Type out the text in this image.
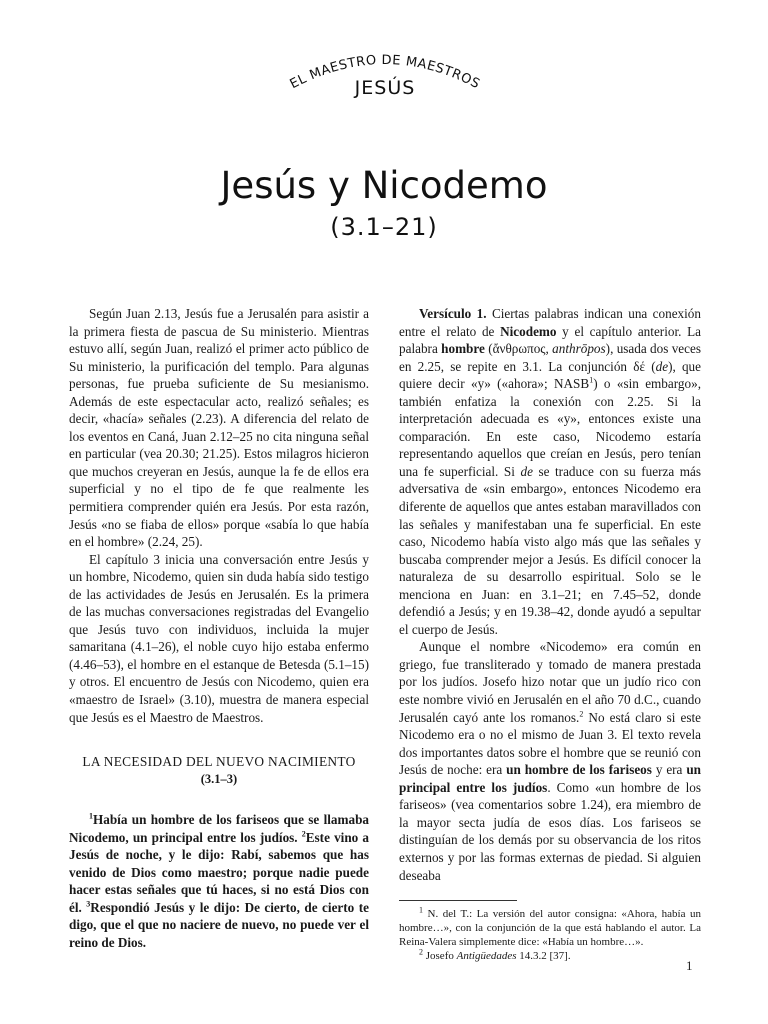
EL MAESTRO DE MAESTROS
JESÚS
Jesús y Nicodemo
(3.1–21)

Según Juan 2.13, Jesús fue a Jerusalén para asistir a la primera fiesta de pascua de Su ministerio. Mientras estuvo allí, según Juan, realizó el primer acto público de Su ministerio, la purificación del templo. Para algunas personas, fue prueba suficiente de Su mesianismo. Además de este espectacular acto, realizó señales; es decir, «hacía» señales (2.23). A diferencia del relato de los eventos en Caná, Juan 2.12–25 no cita ninguna señal en particular (vea 20.30; 21.25). Estos milagros hicieron que muchos creyeran en Jesús, aunque la fe de ellos era superficial y no el tipo de fe que realmente les permitiera comprender quién era Jesús. Por esta razón, Jesús «no se fiaba de ellos» porque «sabía lo que había en el hombre» (2.24, 25).

El capítulo 3 inicia una conversación entre Jesús y un hombre, Nicodemo, quien sin duda había sido testigo de las actividades de Jesús en Jerusalén. Es la primera de las muchas conversaciones registradas del Evangelio que Jesús tuvo con individuos, incluida la mujer samaritana (4.1–26), el noble cuyo hijo estaba enfermo (4.46–53), el hombre en el estanque de Betesda (5.1–15) y otros. El encuentro de Jesús con Nicodemo, quien era «maestro de Israel» (3.10), muestra de manera especial que Jesús es el Maestro de Maestros.

LA NECESIDAD DEL NUEVO NACIMIENTO
(3.1–3)

$^1$Había un hombre de los fariseos que se llamaba Nicodemo, un principal entre los judíos. $^2$Este vino a Jesús de noche, y le dijo: Rabí, sabemos que has venido de Dios como maestro; porque nadie puede hacer estas señales que tú haces, si no está Dios con él. $^3$Respondió Jesús y le dijo: De cierto, de cierto te digo, que el que no naciere de nuevo, no puede ver el reino de Dios.

Versículo 1. Ciertas palabras indican una conexión entre el relato de Nicodemo y el capítulo anterior. La palabra hombre (ἄνθρωπος, anthrōpos), usada dos veces en 2.25, se repite en 3.1. La conjunción δέ (de), que quiere decir «y» («ahora»; NASB$^1$) o «sin embargo», también enfatiza la conexión con 2.25. Si la interpretación adecuada es «y», entonces existe una comparación. En este caso, Nicodemo estaría representando aquellos que creían en Jesús, pero tenían una fe superficial. Si de se traduce con su fuerza más adversativa de «sin embargo», entonces Nicodemo era diferente de aquellos que antes estaban maravillados con las señales y manifestaban una fe superficial. En este caso, Nicodemo había visto algo más que las señales y buscaba comprender mejor a Jesús. Es difícil conocer la naturaleza de su desarrollo espiritual. Solo se le menciona en Juan: en 3.1–21; en 7.45–52, donde defendió a Jesús; y en 19.38–42, donde ayudó a sepultar el cuerpo de Jesús.

Aunque el nombre «Nicodemo» era común en griego, fue transliterado y tomado de manera prestada por los judíos. Josefo hizo notar que un judío rico con este nombre vivió en Jerusalén en el año 70 d.C., cuando Jerusalén cayó ante los romanos.$^2$ No está claro si este Nicodemo era o no el mismo de Juan 3. El texto revela dos importantes datos sobre el hombre que se reunió con Jesús de noche: era un hombre de los fariseos y era un principal entre los judíos. Como «un hombre de los fariseos» (vea comentarios sobre 1.24), era miembro de la mayor secta judía de esos días. Los fariseos se distinguían de los demás por su observancia de los ritos externos y por las formas externas de piedad. Si alguien deseaba

$^1$ N. del T.: La versión del autor consigna: «Ahora, había un hombre…», con la conjunción de la que está hablando el autor. La Reina-Valera simplemente dice: «Había un hombre…».

$^2$ Josefo Antigüedades 14.3.2 [37].

1
